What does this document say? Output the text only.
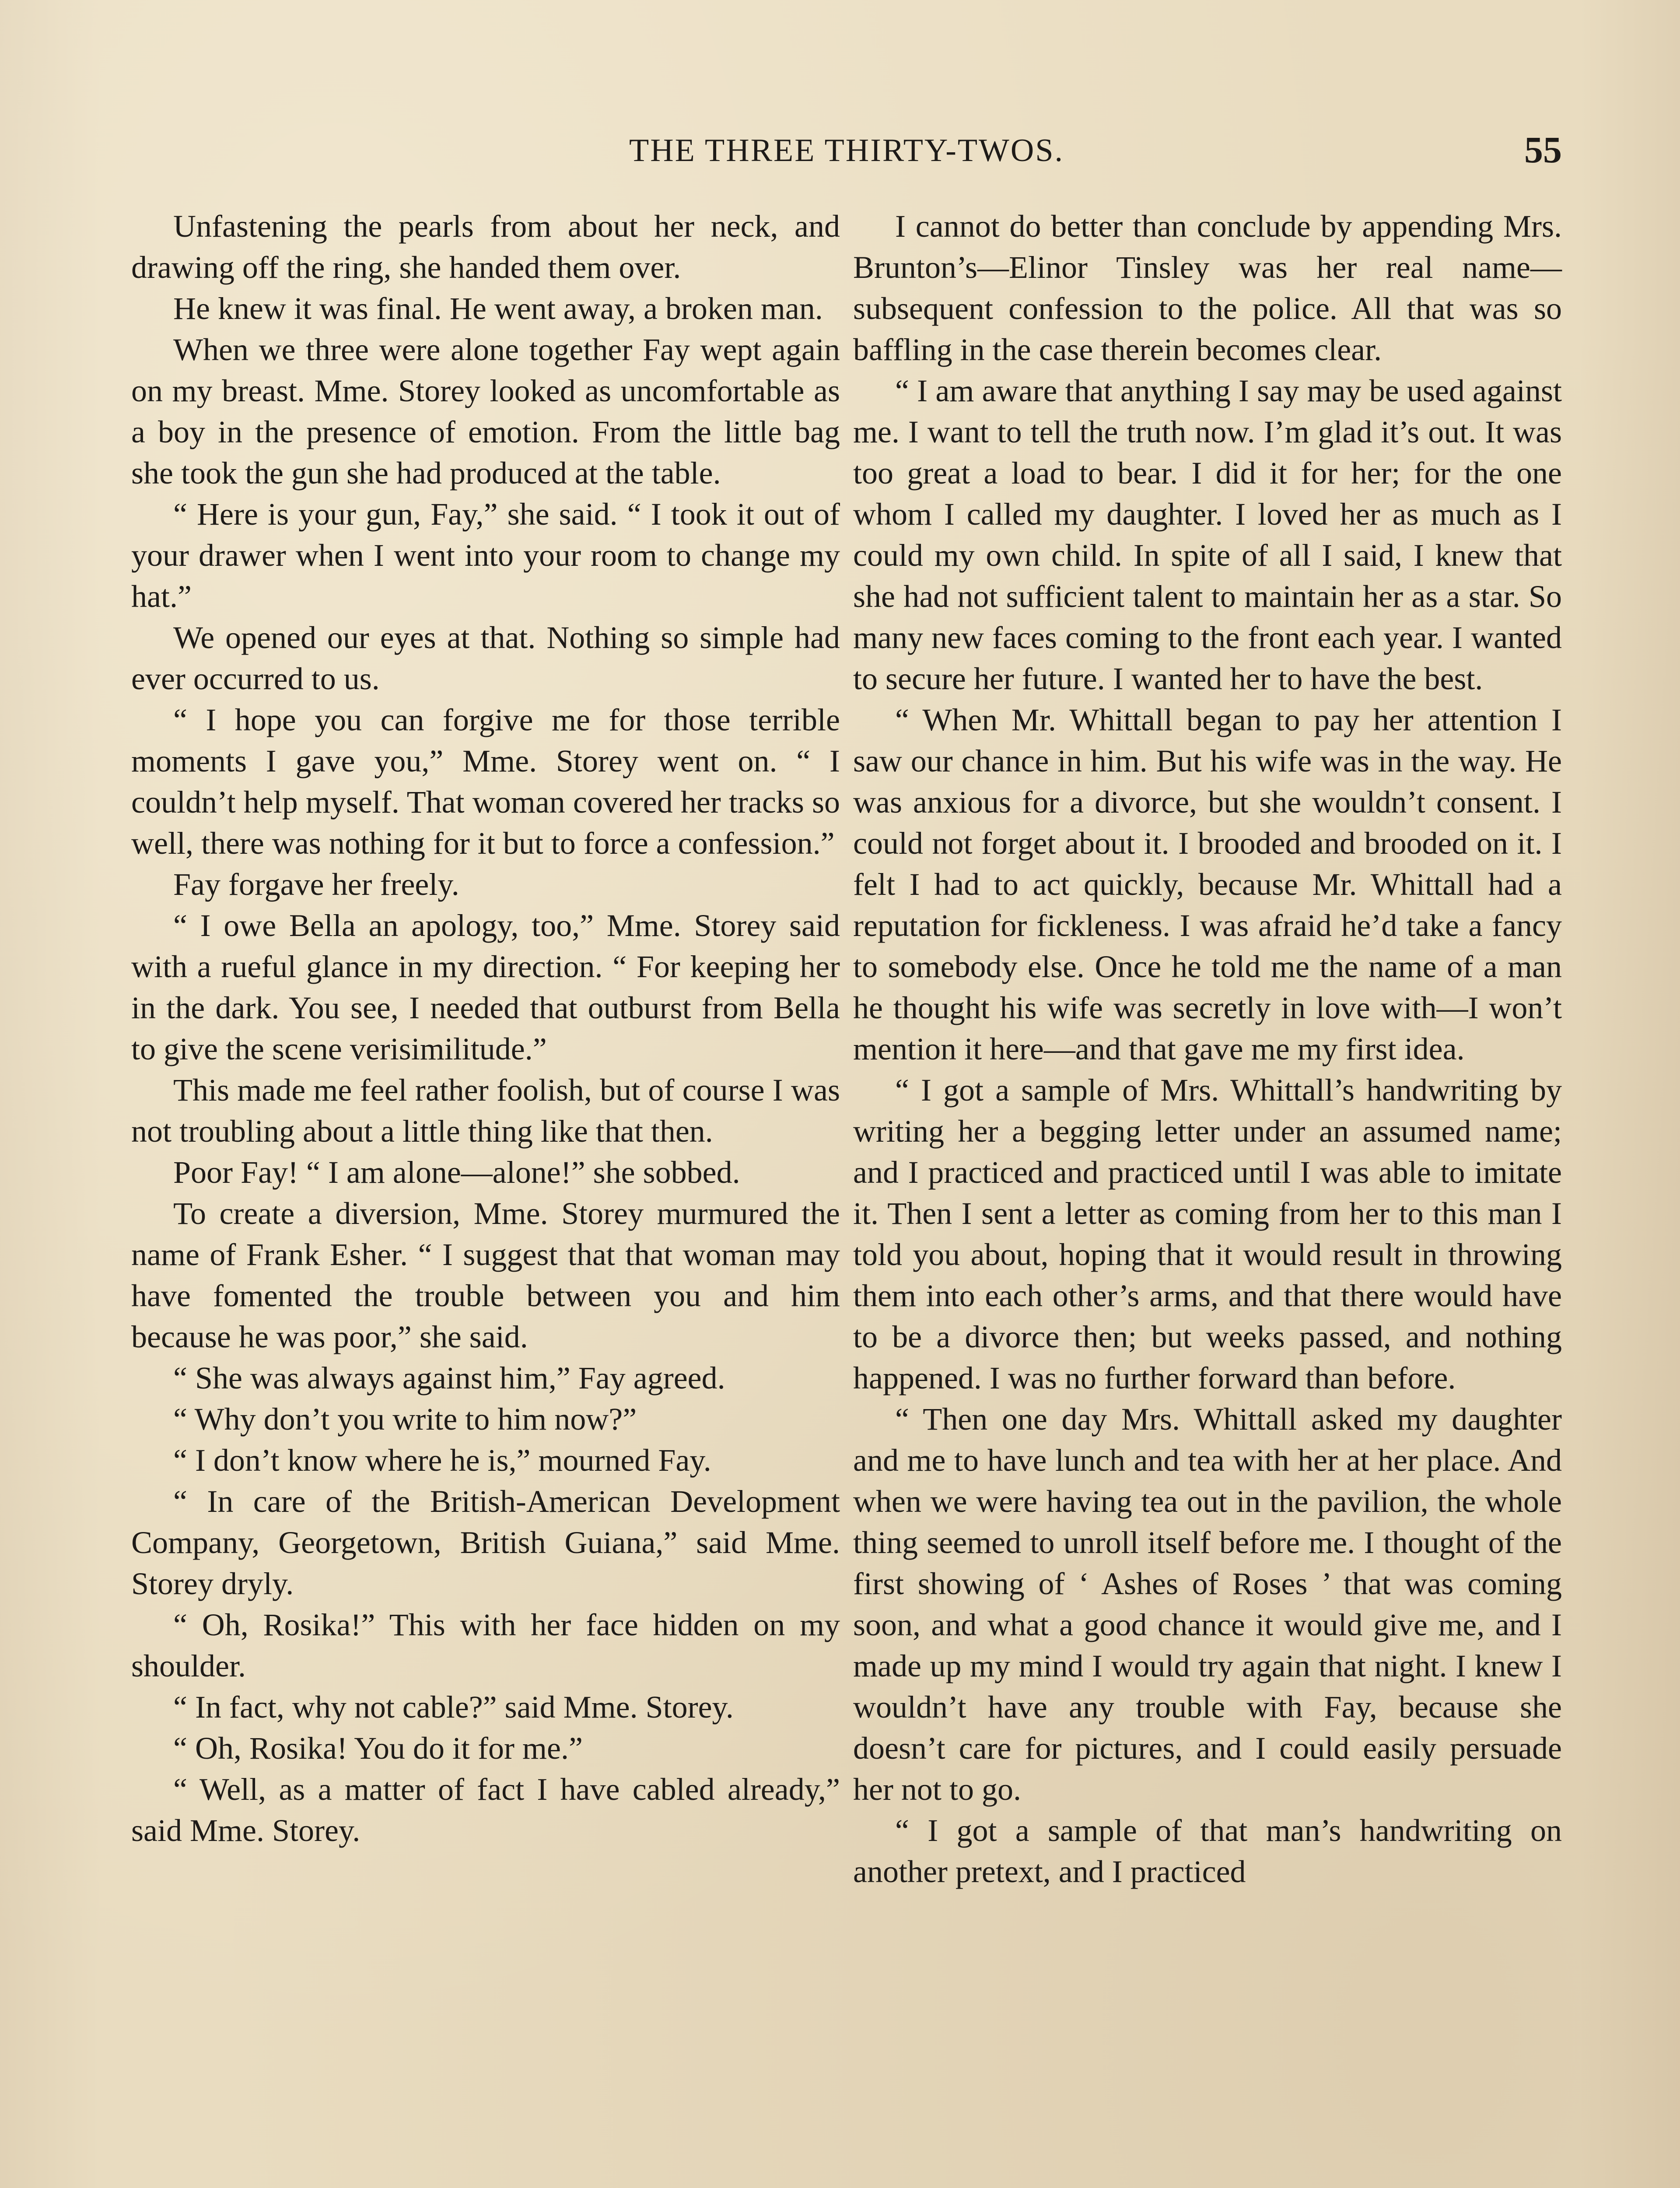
THE THREE THIRTY-TWOS.	55

Unfastening the pearls from about her neck, and drawing off the ring, she handed them over.

He knew it was final. He went away, a broken man.

When we three were alone together Fay wept again on my breast. Mme. Storey looked as uncomfortable as a boy in the presence of emotion. From the little bag she took the gun she had produced at the table.

“ Here is your gun, Fay,” she said. “ I took it out of your drawer when I went into your room to change my hat.”

We opened our eyes at that. Nothing so simple had ever occurred to us.

“ I hope you can forgive me for those terrible moments I gave you,” Mme. Storey went on. “ I couldn’t help myself. That woman covered her tracks so well, there was nothing for it but to force a confession.”

Fay forgave her freely.

“ I owe Bella an apology, too,” Mme. Storey said with a rueful glance in my direction. “ For keeping her in the dark. You see, I needed that outburst from Bella to give the scene verisimilitude.”

This made me feel rather foolish, but of course I was not troubling about a little thing like that then.

Poor Fay! “ I am alone—alone!” she sobbed.

To create a diversion, Mme. Storey murmured the name of Frank Esher. “ I suggest that that woman may have fomented the trouble between you and him because he was poor,” she said.

“ She was always against him,” Fay agreed.

“ Why don’t you write to him now?”

“ I don’t know where he is,” mourned Fay.

“ In care of the British-American Development Company, Georgetown, British Guiana,” said Mme. Storey dryly.

“ Oh, Rosika!” This with her face hidden on my shoulder.

“ In fact, why not cable?” said Mme. Storey.

“ Oh, Rosika! You do it for me.”

“ Well, as a matter of fact I have cabled already,” said Mme. Storey.

I cannot do better than conclude by appending Mrs. Brunton’s—Elinor Tinsley was her real name—subsequent confession to the police. All that was so baffling in the case therein becomes clear.

“ I am aware that anything I say may be used against me. I want to tell the truth now. I’m glad it’s out. It was too great a load to bear. I did it for her; for the one whom I called my daughter. I loved her as much as I could my own child. In spite of all I said, I knew that she had not sufficient talent to maintain her as a star. So many new faces coming to the front each year. I wanted to secure her future. I wanted her to have the best.

“ When Mr. Whittall began to pay her attention I saw our chance in him. But his wife was in the way. He was anxious for a divorce, but she wouldn’t consent. I could not forget about it. I brooded and brooded on it. I felt I had to act quickly, because Mr. Whittall had a reputation for fickleness. I was afraid he’d take a fancy to somebody else. Once he told me the name of a man he thought his wife was secretly in love with—I won’t mention it here—and that gave me my first idea.

“ I got a sample of Mrs. Whittall’s handwriting by writing her a begging letter under an assumed name; and I practiced and practiced until I was able to imitate it. Then I sent a letter as coming from her to this man I told you about, hoping that it would result in throwing them into each other’s arms, and that there would have to be a divorce then; but weeks passed, and nothing happened. I was no further forward than before.

“ Then one day Mrs. Whittall asked my daughter and me to have lunch and tea with her at her place. And when we were having tea out in the pavilion, the whole thing seemed to unroll itself before me. I thought of the first showing of ‘ Ashes of Roses ’ that was coming soon, and what a good chance it would give me, and I made up my mind I would try again that night. I knew I wouldn’t have any trouble with Fay, because she doesn’t care for pictures, and I could easily persuade her not to go.

“ I got a sample of that man’s handwriting on another pretext, and I practiced
